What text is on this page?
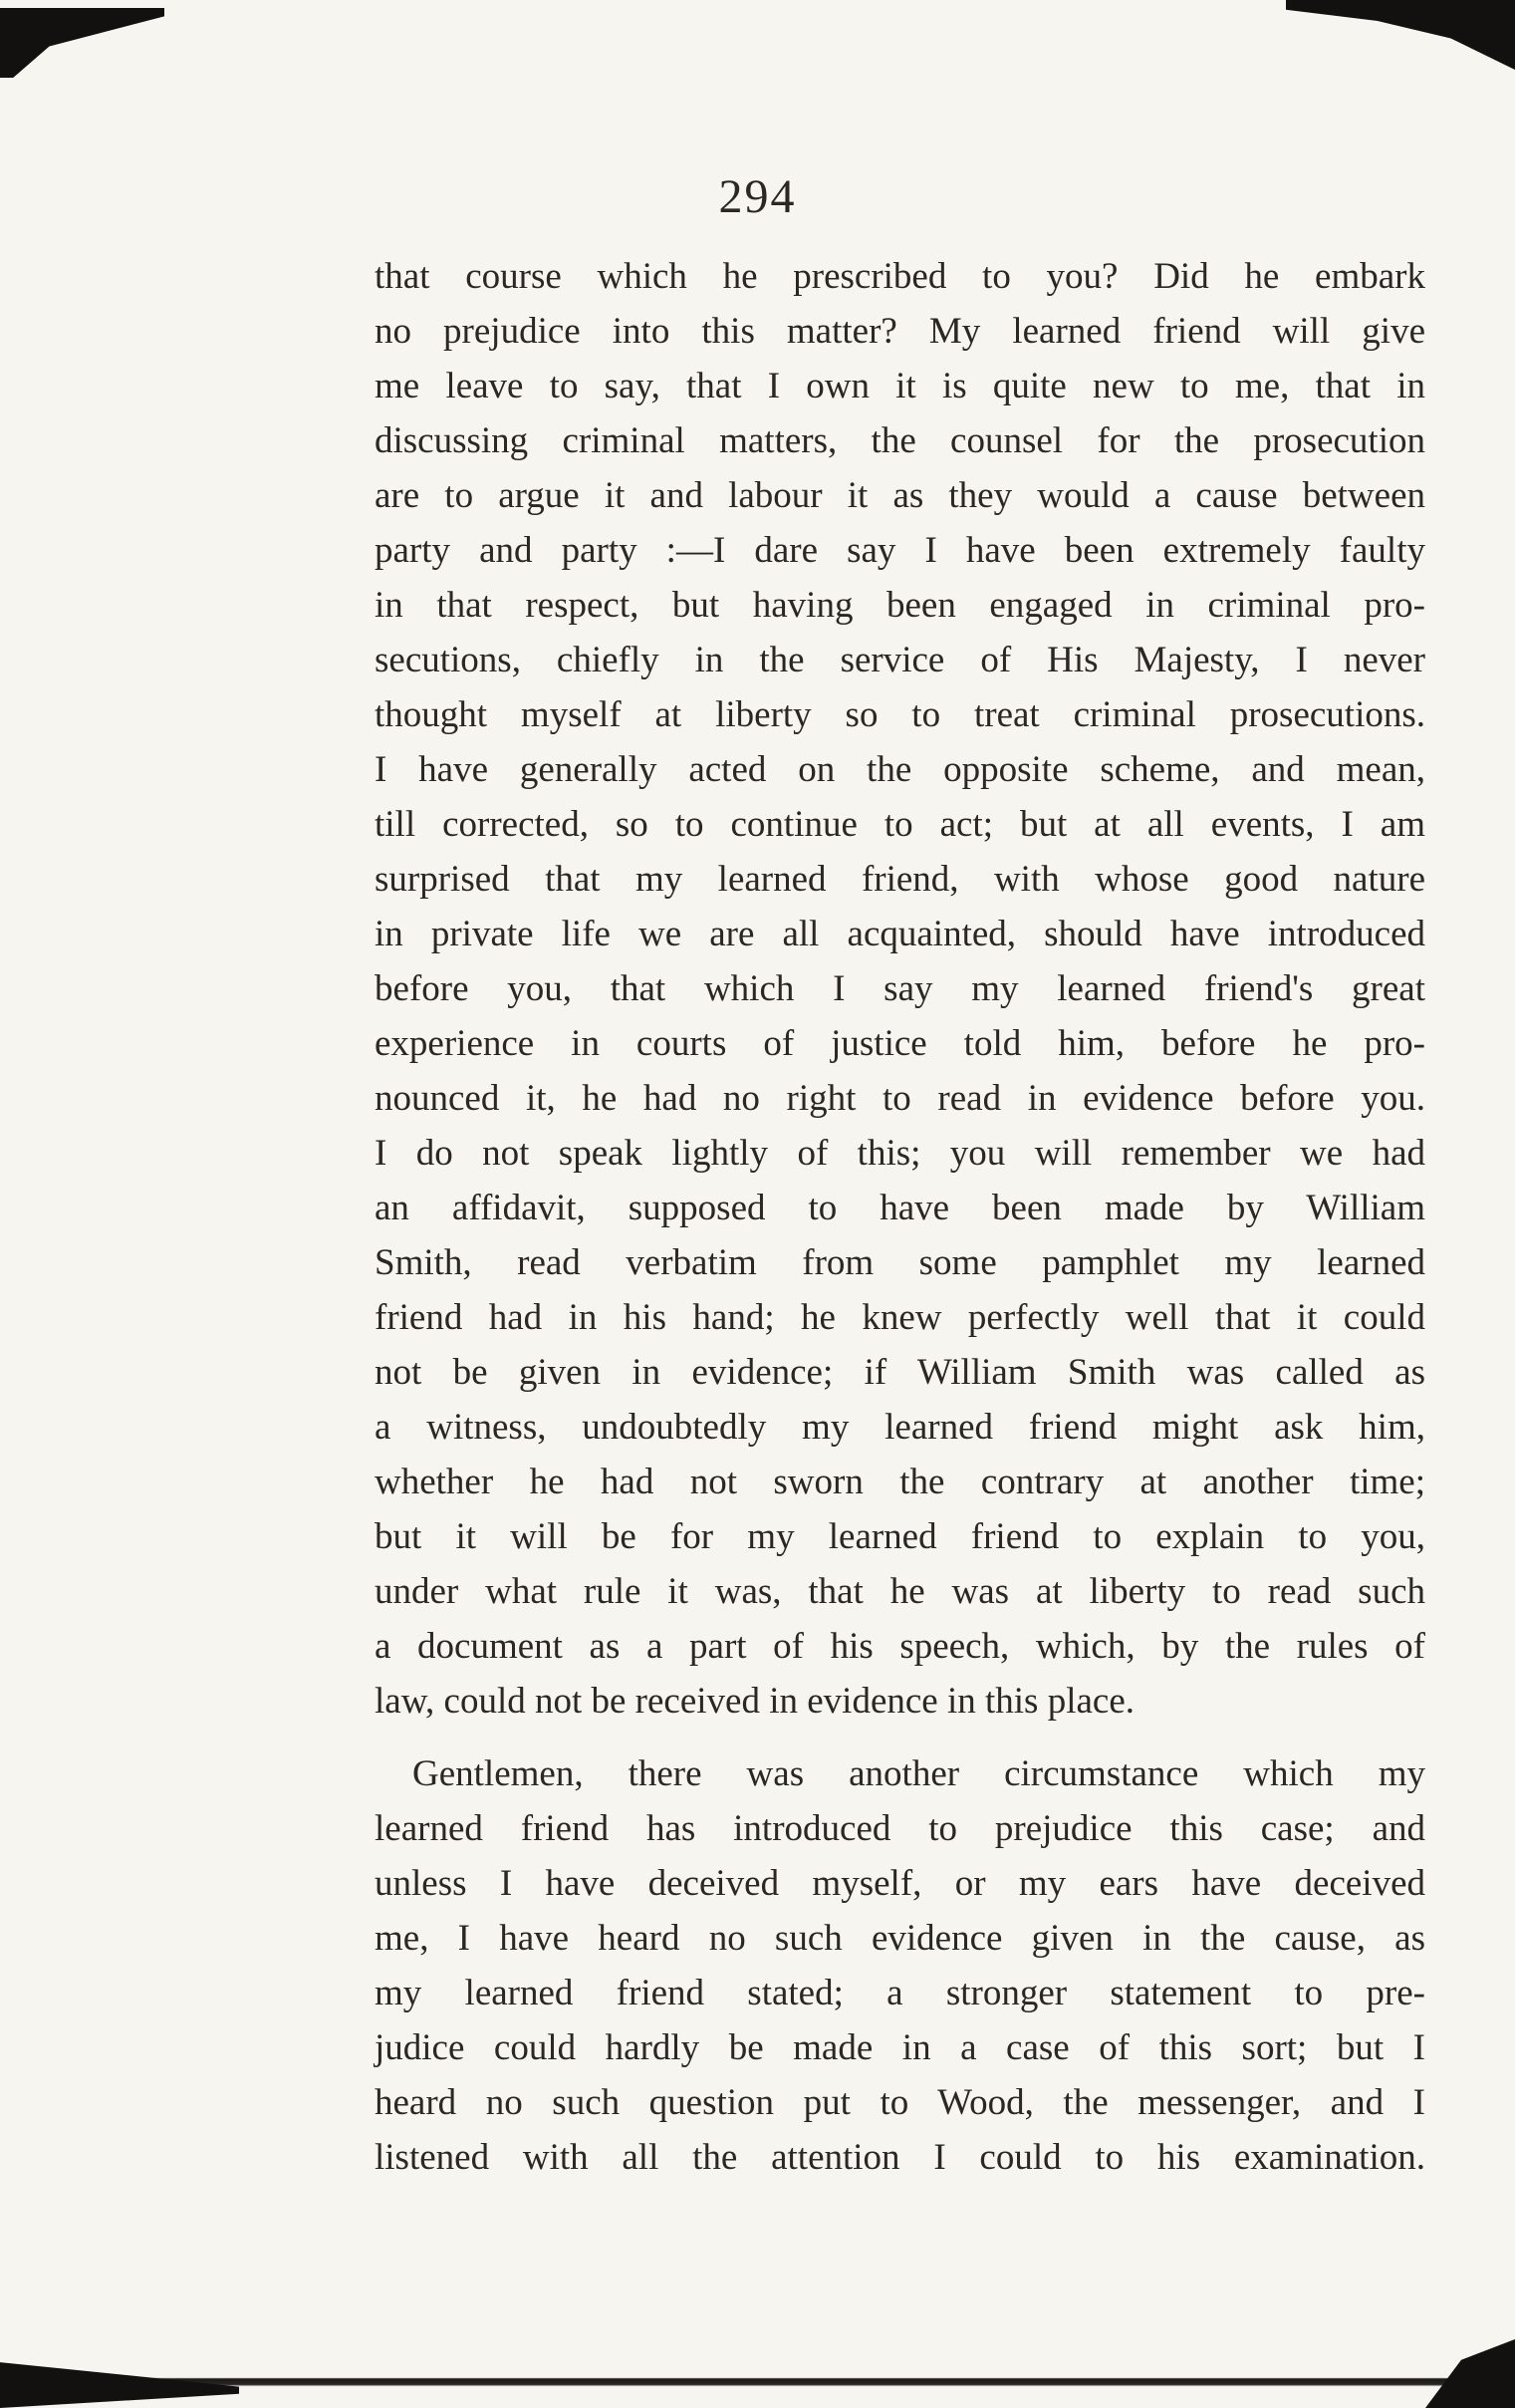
294
that course which he prescribed to you? Did he embark
no prejudice into this matter? My learned friend will give
me leave to say, that I own it is quite new to me, that in
discussing criminal matters, the counsel for the prosecution
are to argue it and labour it as they would a cause between
party and party :—I dare say I have been extremely faulty
in that respect, but having been engaged in criminal pro-
secutions, chiefly in the service of His Majesty, I never
thought myself at liberty so to treat criminal prosecutions.
I have generally acted on the opposite scheme, and mean,
till corrected, so to continue to act; but at all events, I am
surprised that my learned friend, with whose good nature
in private life we are all acquainted, should have introduced
before you, that which I say my learned friend's great
experience in courts of justice told him, before he pro-
nounced it, he had no right to read in evidence before you.
I do not speak lightly of this; you will remember we had
an affidavit, supposed to have been made by William
Smith, read verbatim from some pamphlet my learned
friend had in his hand; he knew perfectly well that it could
not be given in evidence; if William Smith was called as
a witness, undoubtedly my learned friend might ask him,
whether he had not sworn the contrary at another time;
but it will be for my learned friend to explain to you,
under what rule it was, that he was at liberty to read such
a document as a part of his speech, which, by the rules of
law, could not be received in evidence in this place.
Gentlemen, there was another circumstance which my
learned friend has introduced to prejudice this case; and
unless I have deceived myself, or my ears have deceived
me, I have heard no such evidence given in the cause, as
my learned friend stated; a stronger statement to pre-
judice could hardly be made in a case of this sort; but I
heard no such question put to Wood, the messenger, and I
listened with all the attention I could to his examination.
